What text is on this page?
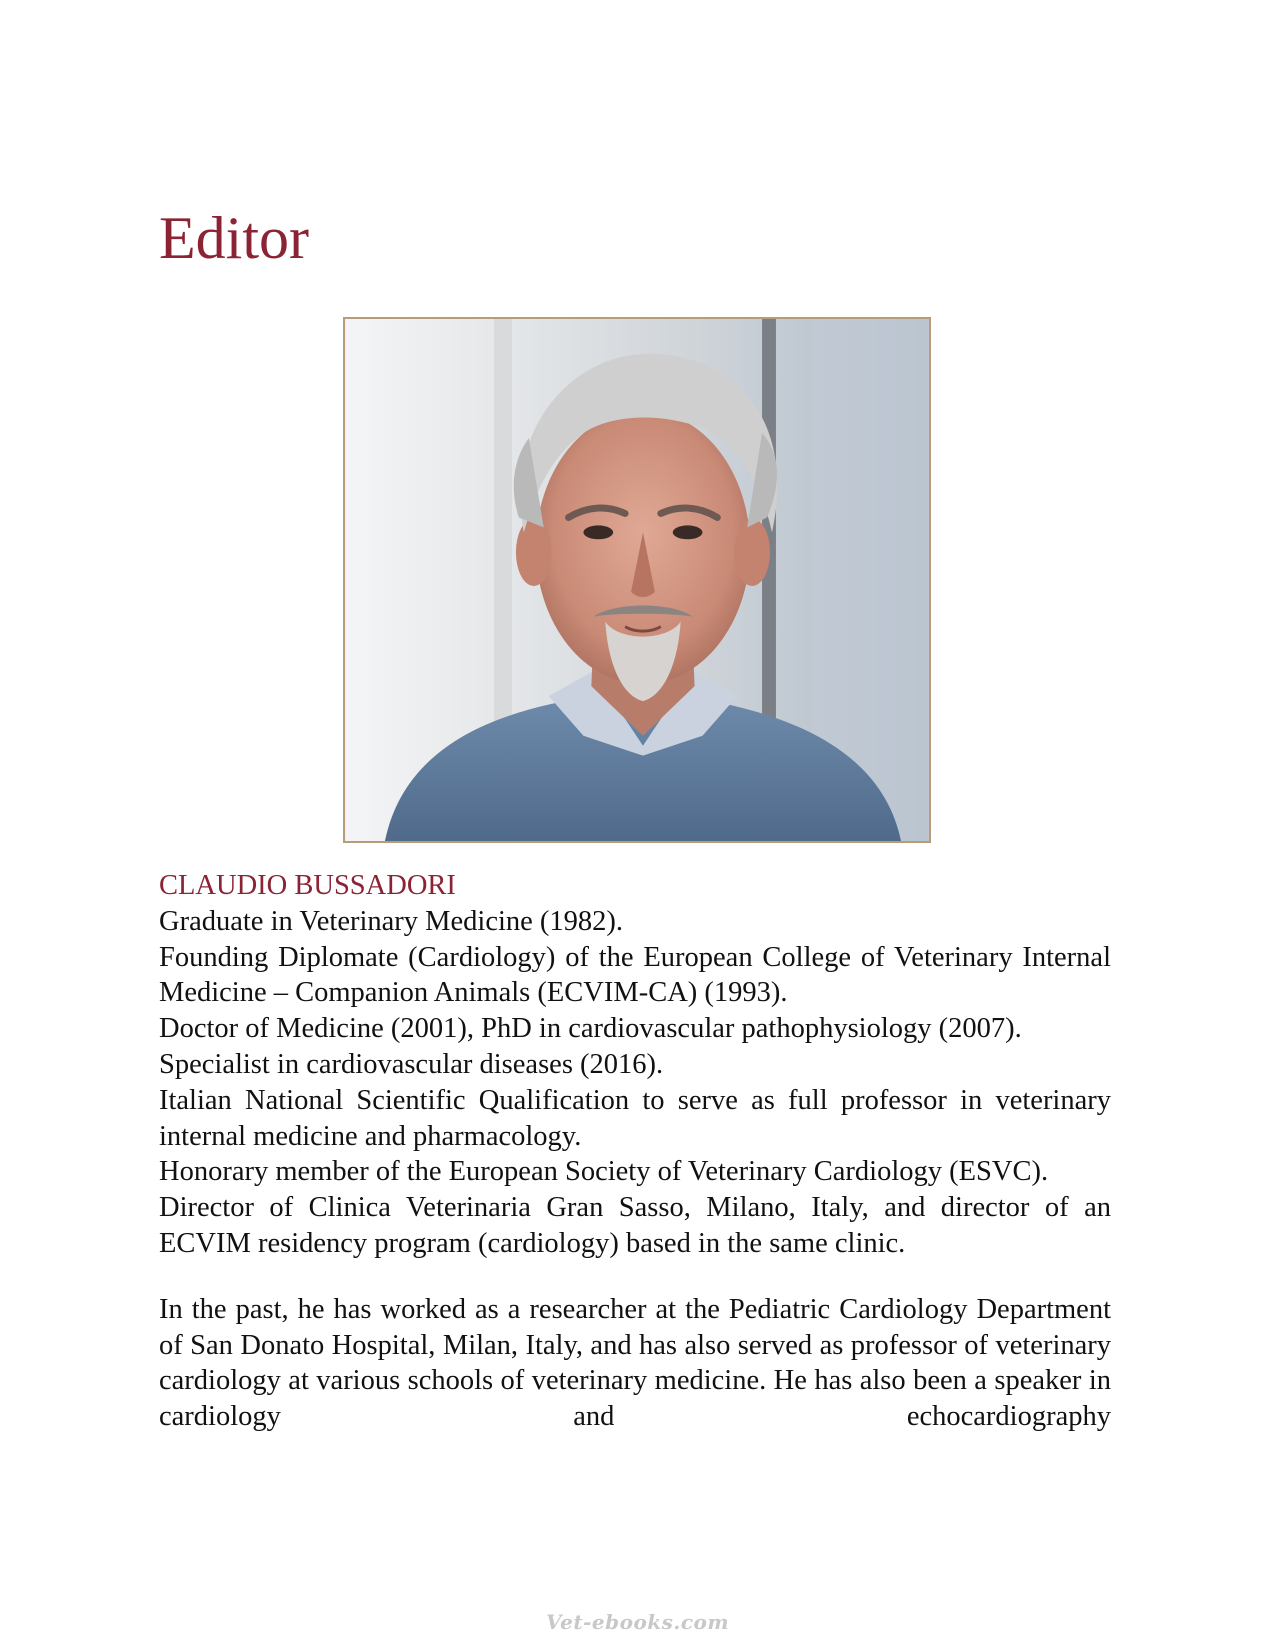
Editor

CLAUDIO BUSSADORI

Graduate in Veterinary Medicine (1982).

Founding Diplomate (Cardiology) of the European College of Veterinary Internal Medicine – Companion Animals (ECVIM-CA) (1993).

Doctor of Medicine (2001), PhD in cardiovascular pathophysiology (2007).

Specialist in cardiovascular diseases (2016).

Italian National Scientific Qualification to serve as full professor in veterinary internal medicine and pharmacology.

Honorary member of the European Society of Veterinary Cardiology (ESVC).

Director of Clinica Veterinaria Gran Sasso, Milano, Italy, and director of an ECVIM residency program (cardiology) based in the same clinic.

In the past, he has worked as a researcher at the Pediatric Cardiology Department of San Donato Hospital, Milan, Italy, and has also served as professor of veterinary cardiology at various schools of veterinary medicine. He has also been a speaker in cardiology and echocardiography

Vet-ebooks.com
